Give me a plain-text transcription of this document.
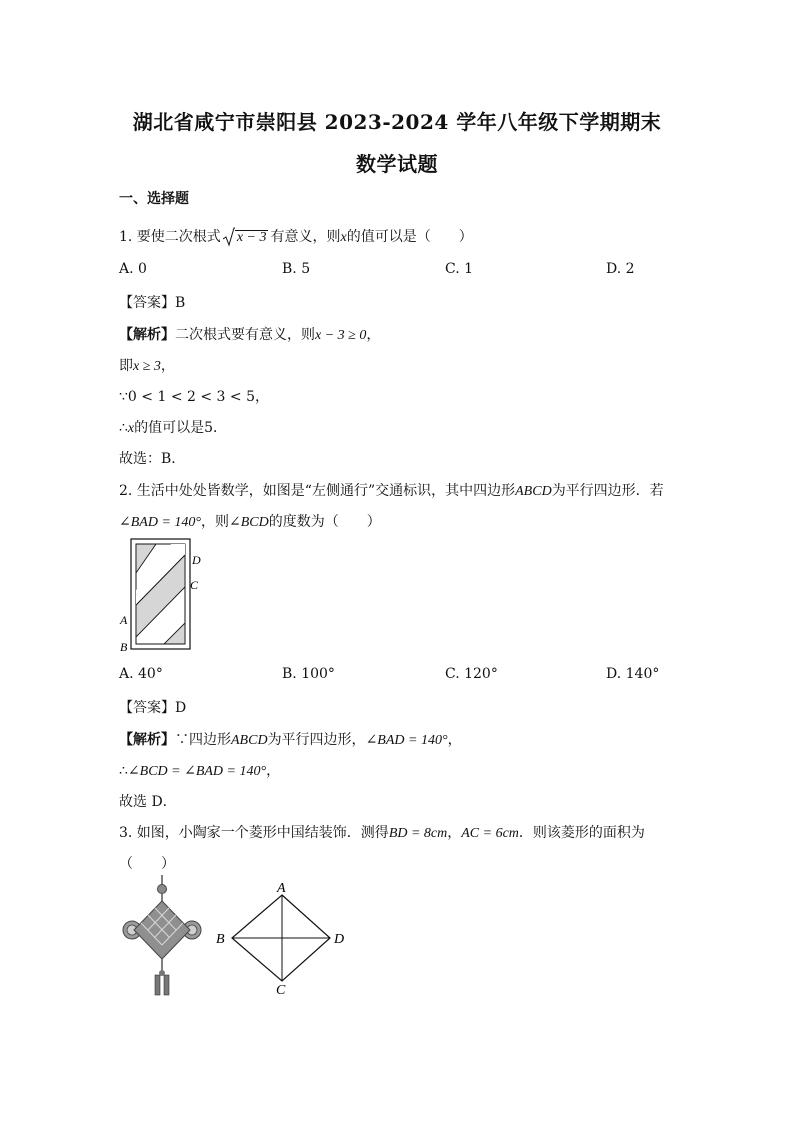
湖北省咸宁市崇阳县 2023-2024 学年八年级下学期期末
数学试题
一、选择题
1. 要使二次根式 x − 3 有意义，则x的值可以是（　　）
A. 0	B. 5	C. 1	D. 2
【答案】B
【解析】二次根式要有意义，则x − 3 ≥ 0，
即x ≥ 3，
∵0 < 1 < 2 < 3 < 5，
∴x的值可以是5．
故选：B．
2. 生活中处处皆数学，如图是“左侧通行”交通标识，其中四边形ABCD为平行四边形．若
∠BAD = 140°，则∠BCD的度数为（　　）
D
C
A
B
A. 40°	B. 100°	C. 120°	D. 140°
【答案】D
【解析】∵四边形ABCD为平行四边形，∠BAD = 140°，
∴∠BCD = ∠BAD = 140°，
故选 D．
3. 如图，小陶家一个菱形中国结装饰．测得BD = 8cm，AC = 6cm．则该菱形的面积为
（　　）
A
B	D
C
